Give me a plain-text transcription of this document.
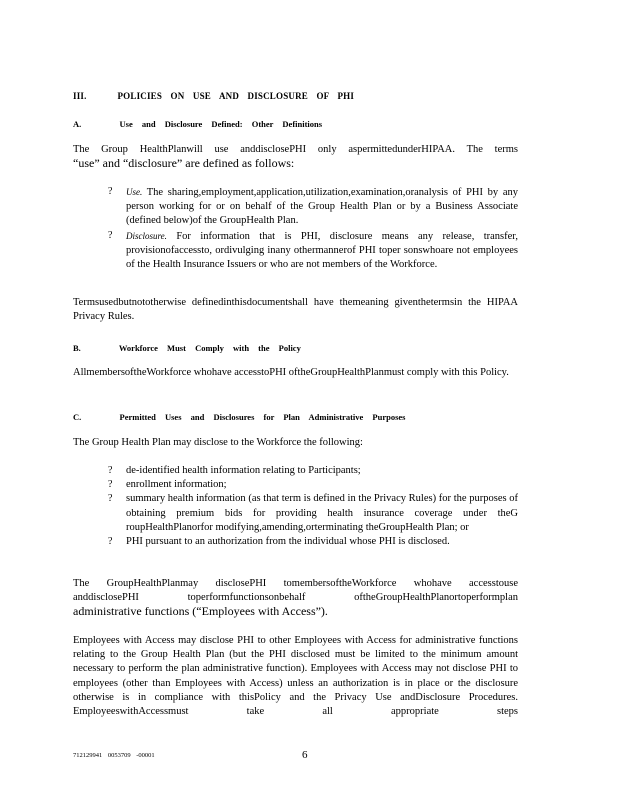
III.	POLICIES ON USE AND DISCLOSURE OF PHI
A.	Use and Disclosure Defined: Other Definitions
The Group HealthPlanwill use anddisclosePHI only aspermittedunderHIPAA. The terms
“use” and “disclosure” are defined as follows:
? Use. The sharing,employment,application,utilization,examination,oranalysis of PHI by any person working for or on behalf of the Group Health Plan or by a Business Associate (defined below)of the GroupHealth Plan.
? Disclosure. For information that is PHI, disclosure means any release, transfer, provisionofaccessto, ordivulging inany othermannerof PHI toper sonswhoare not employees of the Health Insurance Issuers or who are not members of the Workforce.
Termsusedbutnototherwise definedinthisdocumentshall have themeaning giventhetermsin the HIPAA Privacy Rules.
B.	Workforce Must Comply with the Policy
AllmembersoftheWorkforce whohave accesstoPHI oftheGroupHealthPlanmust comply with this Policy.
C.	Permitted Uses and Disclosures for Plan Administrative Purposes
The Group Health Plan may disclose to the Workforce the following:
? de-identified health information relating to Participants;
? enrollment information;
? summary health information (as that term is defined in the Privacy Rules) for the purposes of obtaining premium bids for providing health insurance coverage under theG roupHealthPlanorfor modifying,amending,orterminating theGroupHealth Plan; or
? PHI pursuant to an authorization from the individual whose PHI is disclosed.
The GroupHealthPlanmay disclosePHI tomembersoftheWorkforce whohave accesstouse
anddisclosePHI toperformfunctionsonbehalf oftheGroupHealthPlanortoperformplan
administrative functions (“Employees with Access”).
Employees with Access may disclose PHI to other Employees with Access for administrative functions relating to the Group Health Plan (but the PHI disclosed must be limited to the minimum amount necessary to perform the plan administrative function). Employees with Access may not disclose PHI to employees (other than Employees with Access) unless an authorization is in place or the disclosure otherwise is in compliance with thisPolicy and the Privacy Use andDisclosure Procedures. EmployeeswithAccessmust take all appropriate steps
712129941 0053709 -00001	6
